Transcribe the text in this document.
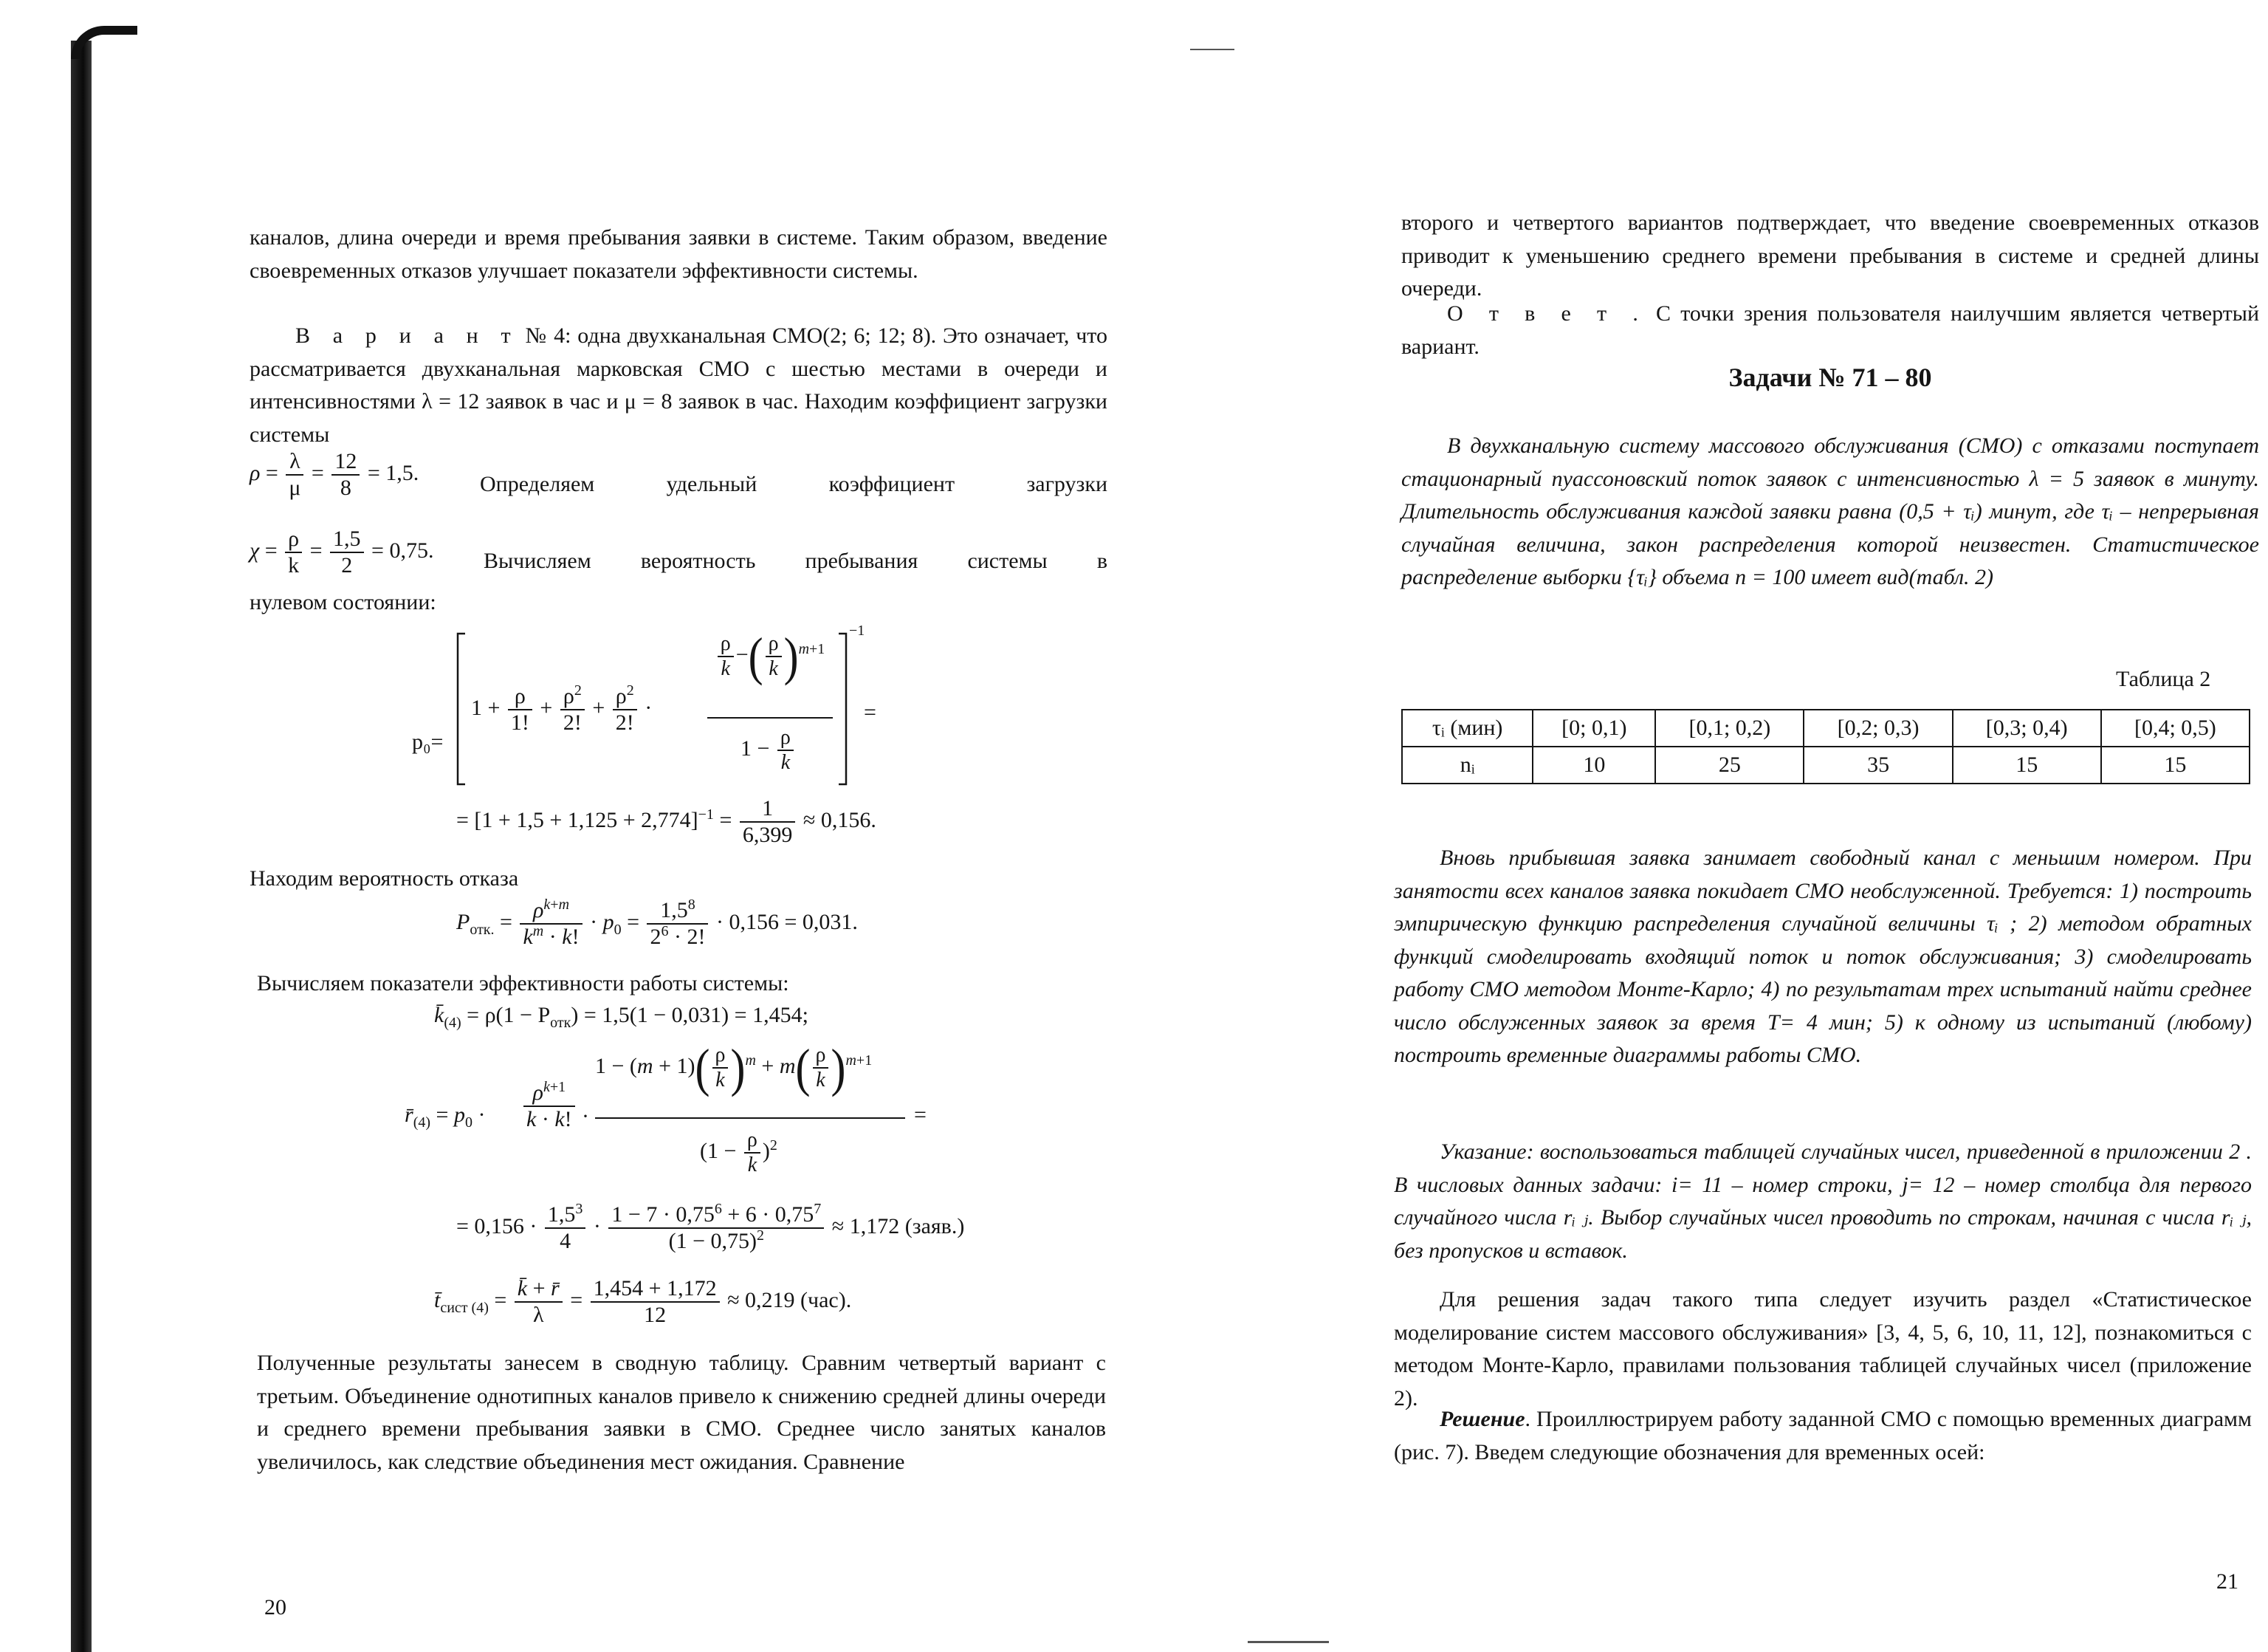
каналов, длина очереди и время пребывания заявки в системе. Таким образом, введение своевременных отказов улучшает показатели эффективности системы.

В а р и а н т № 4: одна двухканальная СМО(2; 6; 12; 8). Это означает, что рассматривается двухканальная марковская СМО с шестью местами в очереди и интенсивностями λ = 12 заявок в час и μ = 8 заявок в час. Находим коэффициент загрузки системы

$\rho = \frac{\lambda}{\mu} = \frac{12}{8} = 1,5$.	Определяем удельный коэффициент загрузки
$\chi = \frac{\rho}{k} = \frac{1,5}{2} = 0,75$. Вычисляем вероятность пребывания системы в
нулевом состоянии:
p₀=
$1 + \frac{\rho}{1!} + \frac{\rho^2}{2!} + \frac{\rho^2}{2!}$ ·
$\frac{\rho}{k}$ −( $\frac{\rho}{k} )^{m+1}$
$1 - \frac{\rho}{k}$
−1
=
= $[1 + 1,5 + 1,125 + 2,774]^{-1} = \frac{1}{6,399} \approx 0,156$.
Находим вероятность отказа
$P_{отк.} = \frac{\rho^{k+m}}{k^m \cdot k!} \cdot p_0 = \frac{1,5^8}{2^6 \cdot 2!} \cdot 0,156 = 0,031$.
Вычисляем показатели эффективности работы системы:
$k̄_{(4)} = \rho(1 - P_{отк}) = 1,5(1 - 0,031) = 1,454$;
$r̄_{(4)} = p_0 \cdot \frac{\rho^{k+1}}{k \cdot k!}$ ·
$1 - (m + 1)( \frac{\rho}{k} )^m + m( \frac{\rho}{k} )^{m+1}$
$(1 - \frac{\rho}{k} )^2$
=
= $0,156 \cdot \frac{1,5^3}{4} \cdot \frac{1 - 7 \cdot 0,75^6 + 6 \cdot 0,75^7}{(1 - 0,75)^2} \approx 1,172$ (заяв.)
$t̄_{сист (4)} = \frac{k̄ + r̄}{\lambda} = \frac{1,454 + 1,172}{12} \approx 0,219$ (час).

Полученные результаты занесем в сводную таблицу. Сравним четвертый вариант с третьим. Объединение однотипных каналов привело к снижению средней длины очереди и среднего времени пребывания заявки в СМО. Среднее число занятых каналов увеличилось, как следствие объединения мест ожидания. Сравнение

20

второго и четвертого вариантов подтверждает, что введение своевременных отказов приводит к уменьшению среднего времени пребывания в системе и средней длины очереди.

О т в е т . С точки зрения пользователя наилучшим является четвертый вариант.

Задачи № 71 – 80

В двухканальную систему массового обслуживания (СМО) с отказами поступает стационарный пуассоновский поток заявок с интенсивностью λ = 5 заявок в минуту. Длительность обслуживания каждой заявки равна (0,5 + τᵢ) минут, где τᵢ – непрерывная случайная величина, закон распределения которой неизвестен. Статистическое распределение выборки {τᵢ} объема n = 100 имеет вид(табл. 2)

Таблица 2
τᵢ (мин)	[0; 0,1)	[0,1; 0,2)	[0,2; 0,3)	[0,3; 0,4)	[0,4; 0,5)
nᵢ	10	25	35	15	15

Вновь прибывшая заявка занимает свободный канал с меньшим номером. При занятости всех каналов заявка покидает СМО необслуженной. Требуется: 1) построить эмпирическую функцию распределения случайной величины τᵢ ; 2) методом обратных функций смоделировать входящий поток и поток обслуживания; 3) смоделировать работу СМО методом Монте-Карло; 4) по результатам трех испытаний найти среднее число обслуженных заявок за время T= 4 мин; 5) к одному из испытаний (любому) построить временные диаграммы работы СМО.

Указание: воспользоваться таблицей случайных чисел, приведенной в приложении 2 . В числовых данных задачи: i= 11 – номер строки, j= 12 – номер столбца для первого случайного числа rᵢ ⱼ. Выбор случайных чисел проводить по строкам, начиная с числа rᵢ ⱼ, без пропусков и вставок.

Для решения задач такого типа следует изучить раздел «Статистическое моделирование систем массового обслуживания» [3, 4, 5, 6, 10, 11, 12], познакомиться с методом Монте-Карло, правилами пользования таблицей случайных чисел (приложение 2).

Решение. Проиллюстрируем работу заданной СМО с помощью временных диаграмм (рис. 7). Введем следующие обозначения для временных осей:

21
